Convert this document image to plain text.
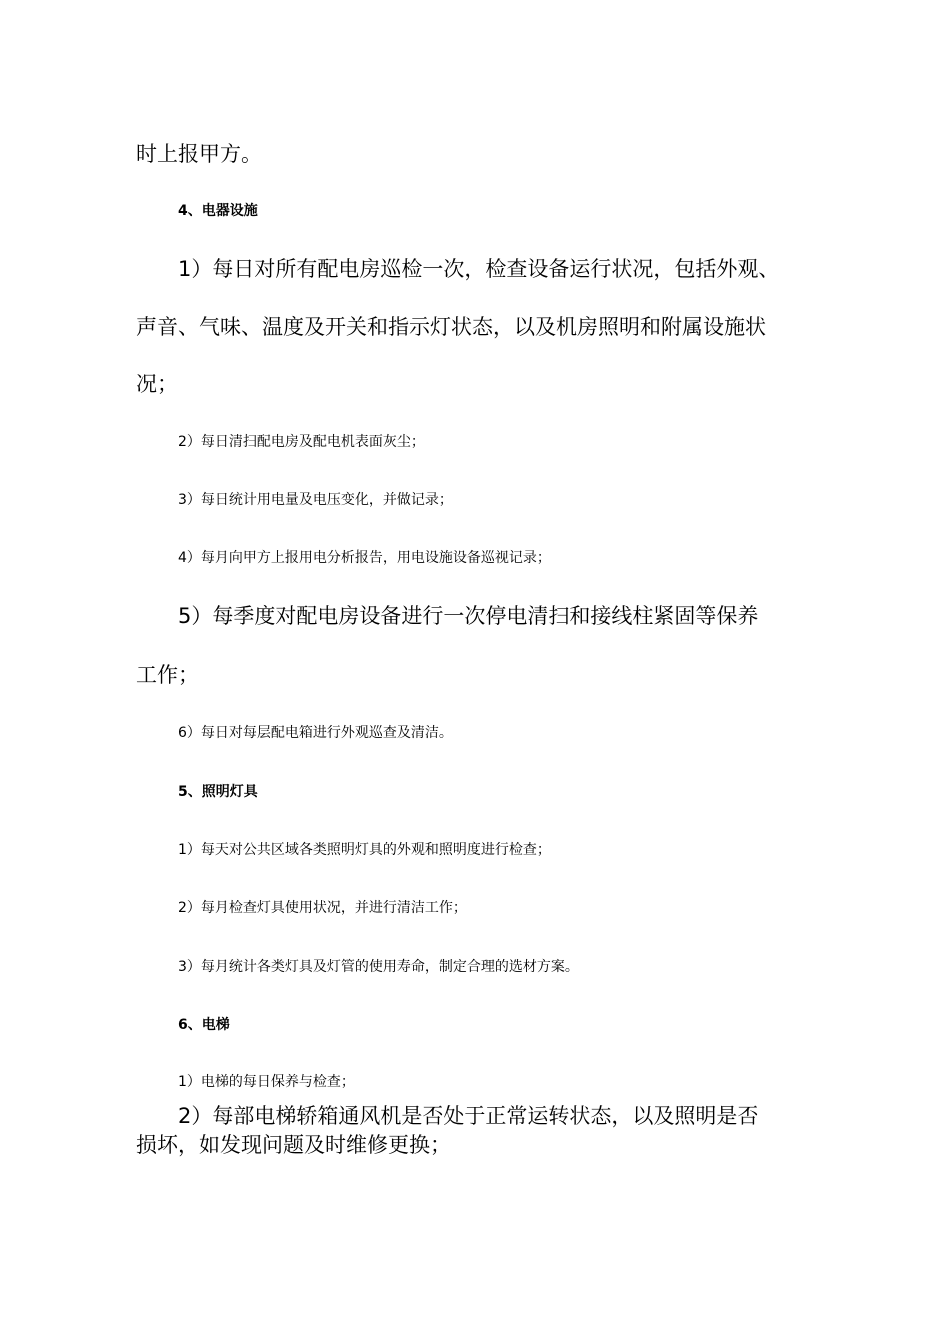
时上报甲方。
4、电器设施
1）每日对所有配电房巡检一次，检查设备运行状况，包括外观、
声音、气味、温度及开关和指示灯状态，以及机房照明和附属设施状
况；
2）每日清扫配电房及配电机表面灰尘；
3）每日统计用电量及电压变化，并做记录；
4）每月向甲方上报用电分析报告，用电设施设备巡视记录；
5）每季度对配电房设备进行一次停电清扫和接线柱紧固等保养
工作；
6）每日对每层配电箱进行外观巡查及清洁。
5、照明灯具
1）每天对公共区域各类照明灯具的外观和照明度进行检查；
2）每月检查灯具使用状况，并进行清洁工作；
3）每月统计各类灯具及灯管的使用寿命，制定合理的选材方案。
6、电梯
1）电梯的每日保养与检查；
2）每部电梯轿箱通风机是否处于正常运转状态，以及照明是否
损坏，如发现问题及时维修更换；
